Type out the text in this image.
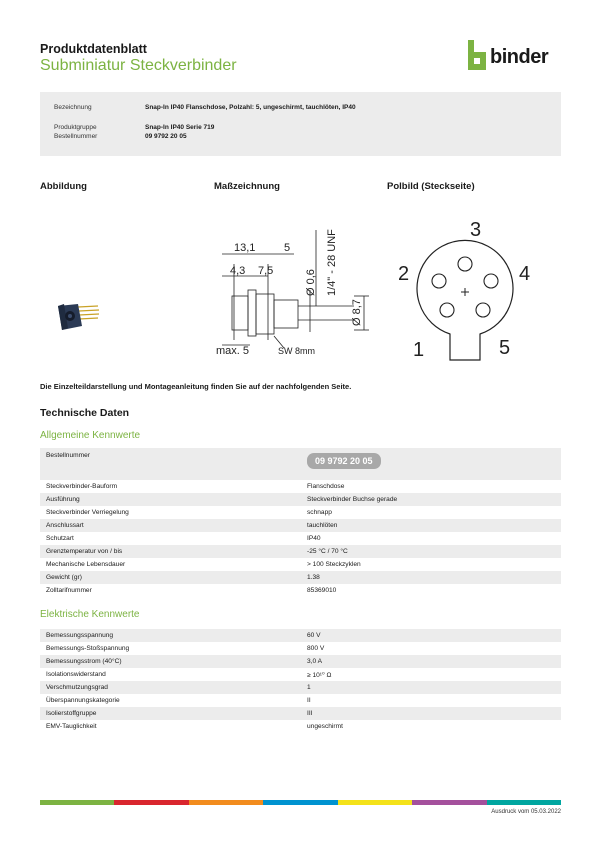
Produktdatenblatt
Subminiatur Steckverbinder	binder
Bezeichnung	Snap-In IP40 Flanschdose, Polzahl: 5, ungeschirmt, tauchlöten, IP40
Produktgruppe	Snap-In IP40 Serie 719
Bestellnummer	09 9792 20 05
Abbildung	Maßzeichnung	Polbild (Steckseite)
13,1	5
4,3 7,5	Ø 0,6 1/4" - 28 UNF
Ø 8,7
max. 5	SW 8mm
3
2	4
1	5
Die Einzelteildarstellung und Montageanleitung finden Sie auf der nachfolgenden Seite.
Technische Daten
Allgemeine Kennwerte
Bestellnummer	09 9792 20 05
Steckverbinder-Bauform	Flanschdose
Ausführung	Steckverbinder Buchse gerade
Steckverbinder Verriegelung	schnapp
Anschlussart	tauchlöten
Schutzart	IP40
Grenztemperatur von / bis	-25 °C / 70 °C
Mechanische Lebensdauer	> 100 Steckzyklen
Gewicht (gr)	1.38
Zolltarifnummer	85369010
Elektrische Kennwerte
Bemessungsspannung	60 V
Bemessungs-Stoßspannung	800 V
Bemessungsstrom (40°C)	3,0 A
Isolationswiderstand	≥ 10¹⁰ Ω
Verschmutzungsgrad	1
Überspannungskategorie	II
Isolierstoffgruppe	III
EMV-Tauglichkeit	ungeschirmt
Ausdruck vom 05.03.2022
